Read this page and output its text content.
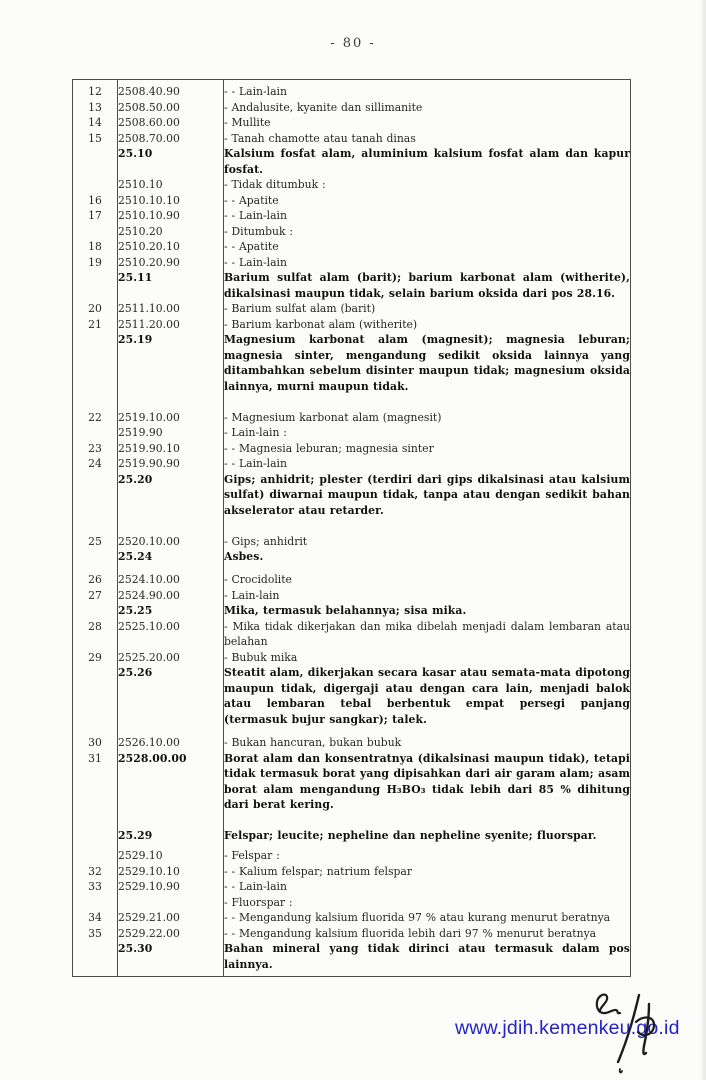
- 80 -
12	2508.40.90	- - Lain-lain
13	2508.50.00	- Andalusite, kyanite dan sillimanite
14	2508.60.00	- Mullite
15	2508.70.00	- Tanah chamotte atau tanah dinas
	25.10	Kalsium fosfat alam, aluminium kalsium fosfat alam dan kapur fosfat.
	2510.10	- Tidak ditumbuk :
16	2510.10.10	- - Apatite
17	2510.10.90	- - Lain-lain
	2510.20	- Ditumbuk :
18	2510.20.10	- - Apatite
19	2510.20.90	- - Lain-lain
	25.11	Barium sulfat alam (barit); barium karbonat alam (witherite), dikalsinasi maupun tidak, selain barium oksida dari pos 28.16.
20	2511.10.00	- Barium sulfat alam (barit)
21	2511.20.00	- Barium karbonat alam (witherite)
	25.19	Magnesium karbonat alam (magnesit); magnesia leburan; magnesia sinter, mengandung sedikit oksida lainnya yang ditambahkan sebelum disinter maupun tidak; magnesium oksida lainnya, murni maupun tidak.

22	2519.10.00	- Magnesium karbonat alam (magnesit)
	2519.90	- Lain-lain :
23	2519.90.10	- - Magnesia leburan; magnesia sinter
24	2519.90.90	- - Lain-lain
	25.20	Gips; anhidrit; plester (terdiri dari gips dikalsinasi atau kalsium sulfat) diwarnai maupun tidak, tanpa atau dengan sedikit bahan akselerator atau retarder.

25	2520.10.00	- Gips; anhidrit
	25.24	Asbes.

26	2524.10.00	- Crocidolite
27	2524.90.00	- Lain-lain
	25.25	Mika, termasuk belahannya; sisa mika.
28	2525.10.00	- Mika tidak dikerjakan dan mika dibelah menjadi dalam lembaran atau belahan
29	2525.20.00	- Bubuk mika
	25.26	Steatit alam, dikerjakan secara kasar atau semata-mata dipotong maupun tidak, digergaji atau dengan cara lain, menjadi balok atau lembaran tebal berbentuk empat persegi panjang (termasuk bujur sangkar); talek.

30	2526.10.00	- Bukan hancuran, bukan bubuk
31	2528.00.00	Borat alam dan konsentratnya (dikalsinasi maupun tidak), tetapi tidak termasuk borat yang dipisahkan dari air garam alam; asam borat alam mengandung H₃BO₃ tidak lebih dari 85 % dihitung dari berat kering.

	25.29	Felspar; leucite; nepheline dan nepheline syenite; fluorspar.

	2529.10	- Felspar :
32	2529.10.10	- - Kalium felspar; natrium felspar
33	2529.10.90	- - Lain-lain
		- Fluorspar :
34	2529.21.00	- - Mengandung kalsium fluorida 97 % atau kurang menurut beratnya
35	2529.22.00	- - Mengandung kalsium fluorida lebih dari 97 % menurut beratnya
	25.30	Bahan mineral yang tidak dirinci atau termasuk dalam pos lainnya.
www.jdih.kemenkeu.go.id
